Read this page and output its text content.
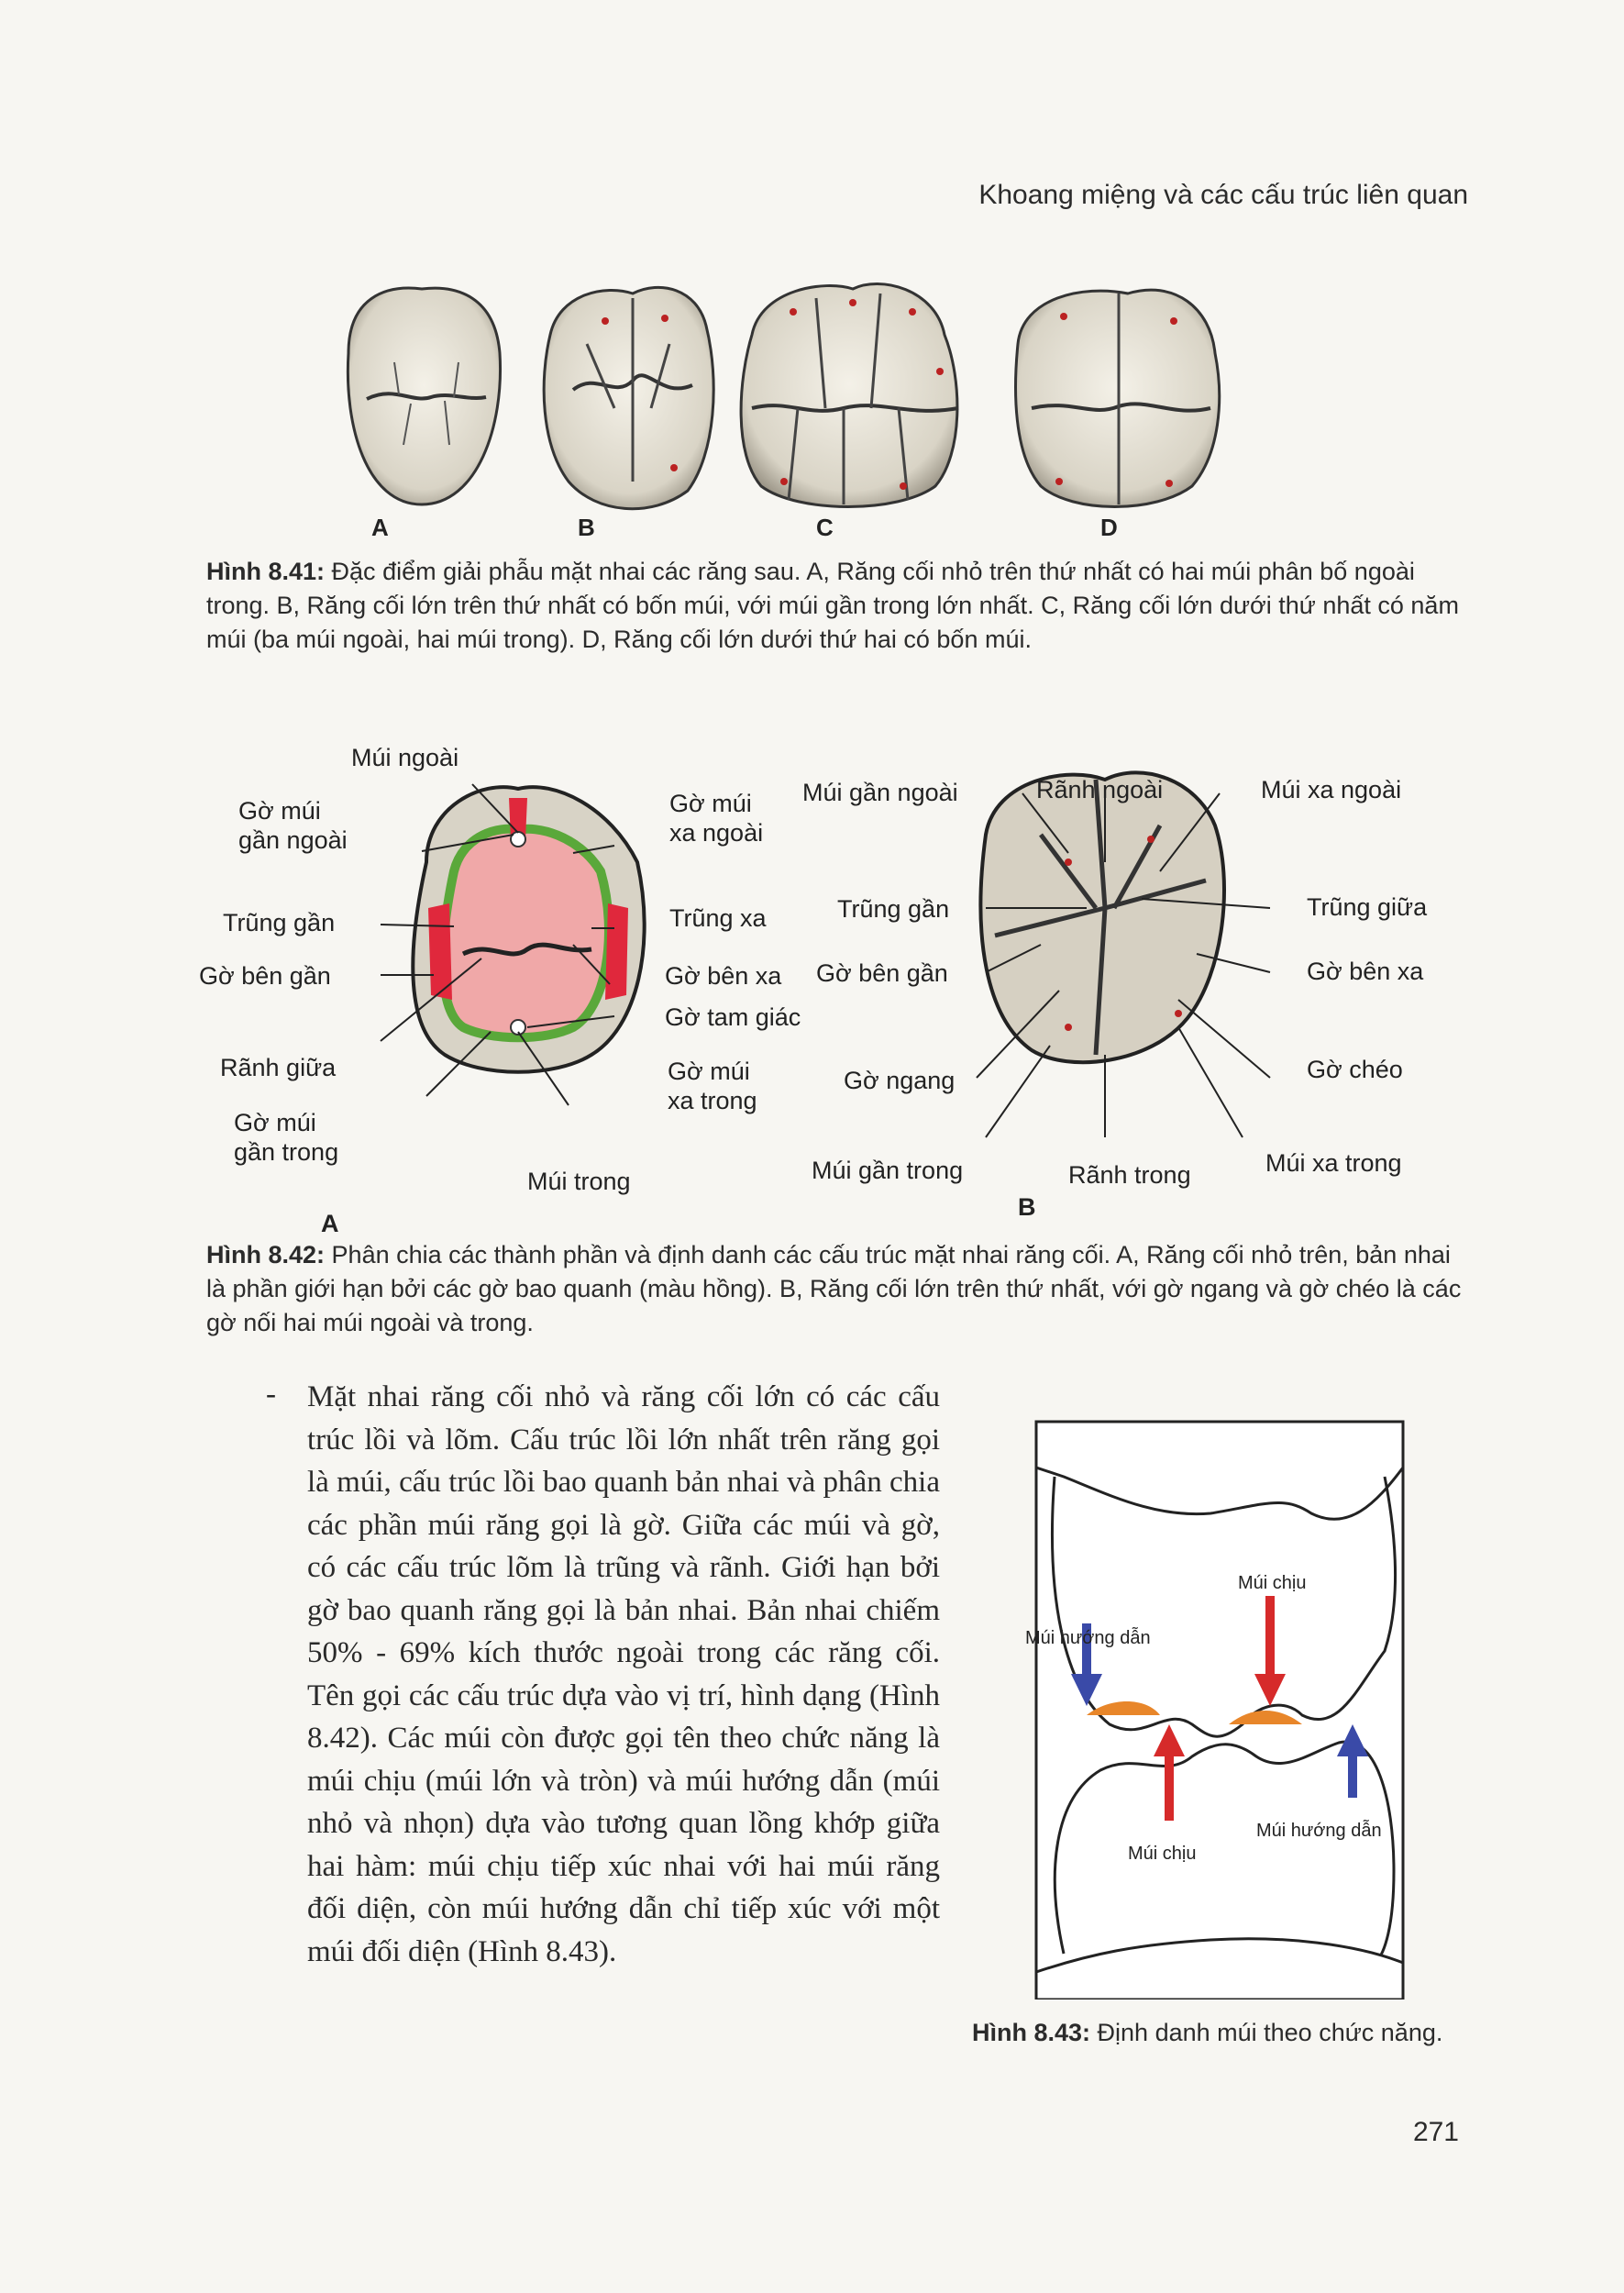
Khoang miệng và các cấu trúc liên quan
A	B	C	D
Hình 8.41: Đặc điểm giải phẫu mặt nhai các răng sau. A, Răng cối nhỏ trên thứ nhất có hai múi phân bố ngoài trong. B, Răng cối lớn trên thứ nhất có bốn múi, với múi gần trong lớn nhất. C, Răng cối lớn dưới thứ nhất có năm múi (ba múi ngoài, hai múi trong). D, Răng cối lớn dưới thứ hai có bốn múi.
Múi ngoài
Gờ múi
gần ngoài
Gờ múi
xa ngoài
Trũng gần	Trũng xa
Gờ bên gần	Gờ bên xa
Gờ tam giác
Rãnh giữa	Gờ múi
xa trong
Gờ múi
gần trong
Múi trong
A
Múi gần ngoài	Rãnh ngoài	Múi xa ngoài
Trũng gần	Trũng giữa
Gờ bên gần	Gờ bên xa
Gờ ngang	Gờ chéo
Múi gần trong	Rãnh trong	Múi xa trong
B
Hình 8.42: Phân chia các thành phần và định danh các cấu trúc mặt nhai răng cối. A, Răng cối nhỏ trên, bản nhai là phần giới hạn bởi các gờ bao quanh (màu hồng). B, Răng cối lớn trên thứ nhất, với gờ ngang và gờ chéo là các gờ nối hai múi ngoài và trong.
- Mặt nhai răng cối nhỏ và răng cối lớn có các cấu trúc lồi và lõm. Cấu trúc lồi lớn nhất trên răng gọi là múi, cấu trúc lồi bao quanh bản nhai và phân chia các phần múi răng gọi là gờ. Giữa các múi và gờ, có các cấu trúc lõm là trũng và rãnh. Giới hạn bởi gờ bao quanh răng gọi là bản nhai. Bản nhai chiếm 50% - 69% kích thước ngoài trong các răng cối. Tên gọi các cấu trúc dựa vào vị trí, hình dạng (Hình 8.42). Các múi còn được gọi tên theo chức năng là múi chịu (múi lớn và tròn) và múi hướng dẫn (múi nhỏ và nhọn) dựa vào tương quan lồng khớp giữa hai hàm: múi chịu tiếp xúc nhai với hai múi răng đối diện, còn múi hướng dẫn chỉ tiếp xúc với một múi đối diện (Hình 8.43).
Múi chịu
Múi hướng dẫn
Múi hướng dẫn
Múi chịu
Hình 8.43: Định danh múi theo chức năng.
271
